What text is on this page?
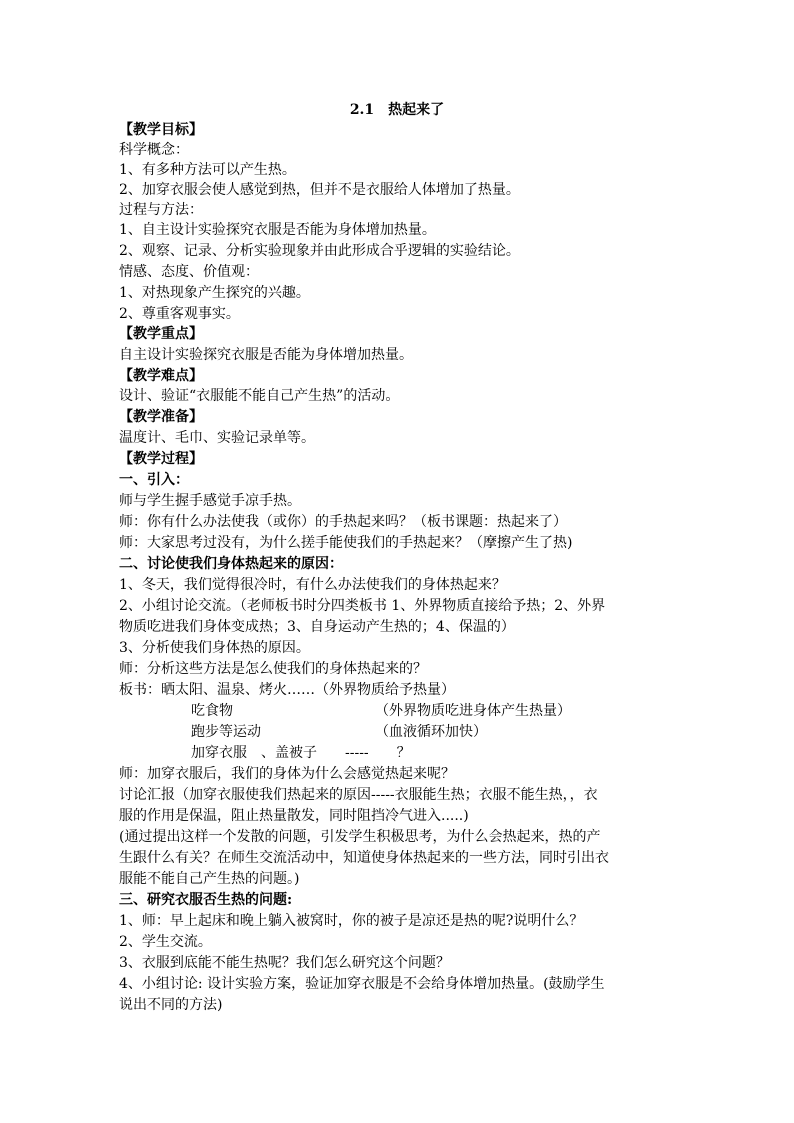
2.1　热起来了
【教学目标】
科学概念：
1、有多种方法可以产生热。
2、加穿衣服会使人感觉到热，但并不是衣服给人体增加了热量。
过程与方法：
1、自主设计实验探究衣服是否能为身体增加热量。
2、观察、记录、分析实验现象并由此形成合乎逻辑的实验结论。
情感、态度、价值观：
1、对热现象产生探究的兴趣。
2、尊重客观事实。
【教学重点】
自主设计实验探究衣服是否能为身体增加热量。
【教学难点】
设计、验证“衣服能不能自己产生热”的活动。
【教学准备】
温度计、毛巾、实验记录单等。
【教学过程】
一、引入：
师与学生握手感觉手凉手热。
师：你有什么办法使我（或你）的手热起来吗？（板书课题：热起来了）
师：大家思考过没有，为什么搓手能使我们的手热起来？（摩擦产生了热)
二、讨论使我们身体热起来的原因：
1、冬天，我们觉得很冷时，有什么办法使我们的身体热起来？
2、小组讨论交流。（老师板书时分四类板书 1、外界物质直接给予热；2、外界
物质吃进我们身体变成热；3、自身运动产生热的；4、保温的）
3、分析使我们身体热的原因。
师：分析这些方法是怎么使我们的身体热起来的？
板书：晒太阳、温泉、烤火……（外界物质给予热量）
吃食物	（外界物质吃进身体产生热量）
跑步等运动	（血液循环加快）
加穿衣服　、盖被子　　-----　　？
师：加穿衣服后，我们的身体为什么会感觉热起来呢？
讨论汇报（加穿衣服使我们热起来的原因-----衣服能生热；衣服不能生热，，衣
服的作用是保温，阻止热量散发，同时阻挡冷气进入.....)
(通过提出这样一个发散的问题，引发学生积极思考，为什么会热起来，热的产
生跟什么有关？在师生交流活动中，知道使身体热起来的一些方法，同时引出衣
服能不能自己产生热的问题。)
三、研究衣服否生热的问题:
1、师：早上起床和晚上躺入被窝时，你的被子是凉还是热的呢?说明什么？
2、学生交流。
3、衣服到底能不能生热呢？我们怎么研究这个问题？
4、小组讨论: 设计实验方案，验证加穿衣服是不会给身体增加热量。(鼓励学生
说出不同的方法)
